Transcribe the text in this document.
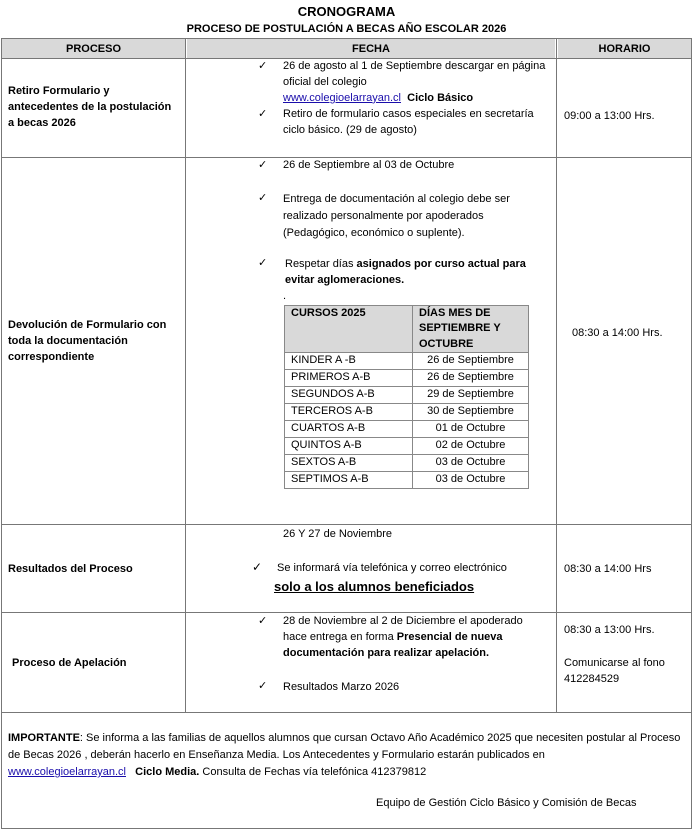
CRONOGRAMA
PROCESO DE POSTULACIÓN A BECAS AÑO ESCOLAR 2026
PROCESO	FECHA	HORARIO
Retiro Formulario y antecedentes de la postulación a becas 2026
✓ 26 de agosto al 1 de Septiembre descargar en página oficial del colegio
www.colegioelarrayan.cl Ciclo Básico
✓ Retiro de formulario casos especiales en secretaría ciclo básico. (29 de agosto)
09:00 a 13:00 Hrs.
Devolución de Formulario con toda la documentación correspondiente
✓ 26 de Septiembre al 03 de Octubre
✓ Entrega de documentación al colegio debe ser realizado personalmente por apoderados (Pedagógico, económico o suplente).
✓ Respetar días asignados por curso actual para evitar aglomeraciones.
.
CURSOS 2025	DÍAS MES DE SEPTIEMBRE Y OCTUBRE
KINDER A -B	26 de Septiembre
PRIMEROS A-B	26 de Septiembre
SEGUNDOS A-B	29 de Septiembre
TERCEROS A-B	30 de Septiembre
CUARTOS A-B	01 de Octubre
QUINTOS A-B	02 de Octubre
SEXTOS A-B	03 de Octubre
SEPTIMOS A-B	03 de Octubre
08:30 a 14:00 Hrs.
Resultados del Proceso
26 Y 27 de Noviembre
✓ Se informará vía telefónica y correo electrónico
solo a los alumnos beneficiados
08:30 a 14:00 Hrs
Proceso de Apelación
✓ 28 de Noviembre al 2 de Diciembre el apoderado hace entrega en forma Presencial de nueva documentación para realizar apelación.
✓ Resultados Marzo 2026
08:30 a 13:00 Hrs.
Comunicarse al fono 412284529
IMPORTANTE: Se informa a las familias de aquellos alumnos que cursan Octavo Año Académico 2025 que necesiten postular al Proceso de Becas 2026 , deberán hacerlo en Enseñanza Media. Los Antecedentes y Formulario estarán publicados en www.colegioelarrayan.cl Ciclo Media. Consulta de Fechas vía telefónica 412379812
Equipo de Gestión Ciclo Básico y Comisión de Becas
